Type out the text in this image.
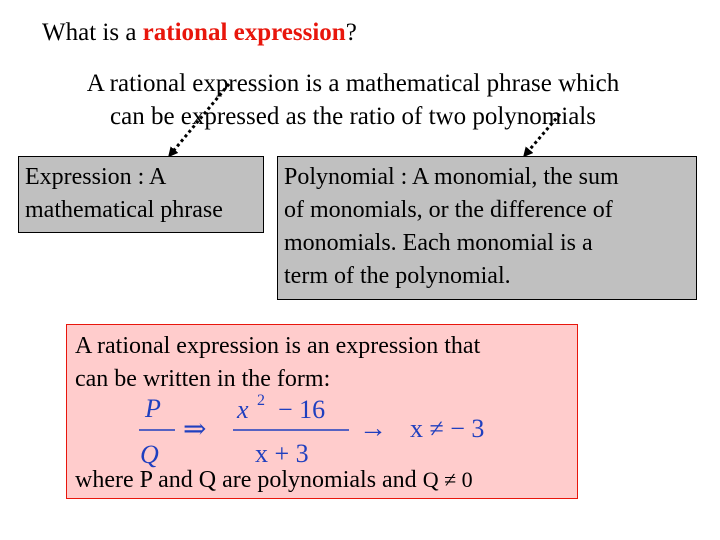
What is a rational expression?
A rational expression is a mathematical phrase which
can be expressed as the ratio of two polynomials
Expression : A
mathematical phrase
Polynomial : A monomial, the sum
of monomials, or the difference of
monomials. Each monomial is a
term of the polynomial.
A rational expression is an expression that
can be written in the form:
P
Q
⇒
x 2 − 16
x + 3
→ x ≠ − 3
where P and Q are polynomials and Q ≠ 0
